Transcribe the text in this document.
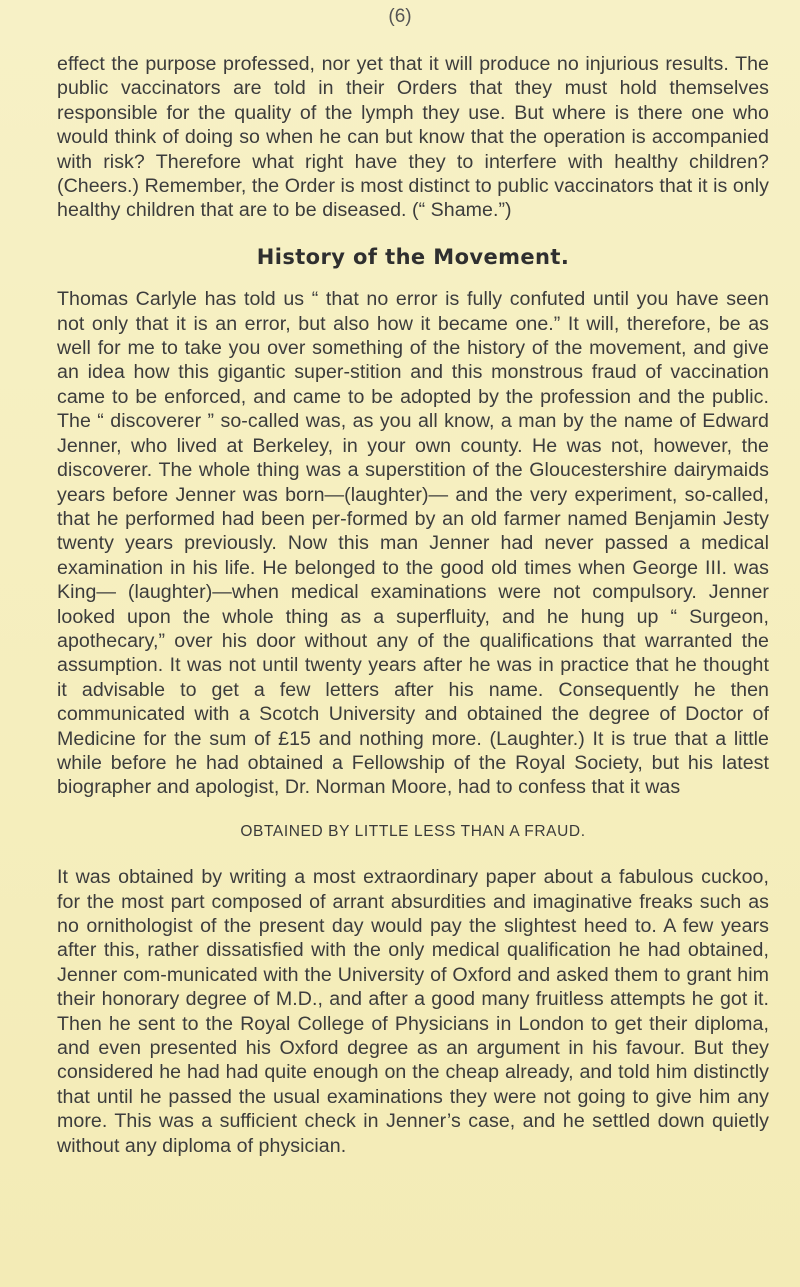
(6)

effect the purpose professed, nor yet that it will produce no injurious results. The public vaccinators are told in their Orders that they must hold themselves responsible for the quality of the lymph they use. But where is there one who would think of doing so when he can but know that the operation is accompanied with risk? Therefore what right have they to interfere with healthy children? (Cheers.) Remember, the Order is most distinct to public vaccinators that it is only healthy children that are to be diseased. (“ Shame.”)

History of the Movement.

Thomas Carlyle has told us “ that no error is fully confuted until you have seen not only that it is an error, but also how it became one.” It will, therefore, be as well for me to take you over something of the history of the movement, and give an idea how this gigantic super-stition and this monstrous fraud of vaccination came to be enforced, and came to be adopted by the profession and the public. The “ discoverer ” so-called was, as you all know, a man by the name of Edward Jenner, who lived at Berkeley, in your own county. He was not, however, the discoverer. The whole thing was a superstition of the Gloucestershire dairymaids years before Jenner was born—(laughter)— and the very experiment, so-called, that he performed had been per-formed by an old farmer named Benjamin Jesty twenty years previously. Now this man Jenner had never passed a medical examination in his life. He belonged to the good old times when George III. was King— (laughter)—when medical examinations were not compulsory. Jenner looked upon the whole thing as a superfluity, and he hung up “ Surgeon, apothecary,” over his door without any of the qualifications that warranted the assumption. It was not until twenty years after he was in practice that he thought it advisable to get a few letters after his name. Consequently he then communicated with a Scotch University and obtained the degree of Doctor of Medicine for the sum of £15 and nothing more. (Laughter.) It is true that a little while before he had obtained a Fellowship of the Royal Society, but his latest biographer and apologist, Dr. Norman Moore, had to confess that it was

OBTAINED BY LITTLE LESS THAN A FRAUD.

It was obtained by writing a most extraordinary paper about a fabulous cuckoo, for the most part composed of arrant absurdities and imaginative freaks such as no ornithologist of the present day would pay the slightest heed to. A few years after this, rather dissatisfied with the only medical qualification he had obtained, Jenner com-municated with the University of Oxford and asked them to grant him their honorary degree of M.D., and after a good many fruitless attempts he got it. Then he sent to the Royal College of Physicians in London to get their diploma, and even presented his Oxford degree as an argument in his favour. But they considered he had had quite enough on the cheap already, and told him distinctly that until he passed the usual examinations they were not going to give him any more. This was a sufficient check in Jenner’s case, and he settled down quietly without any diploma of physician.
